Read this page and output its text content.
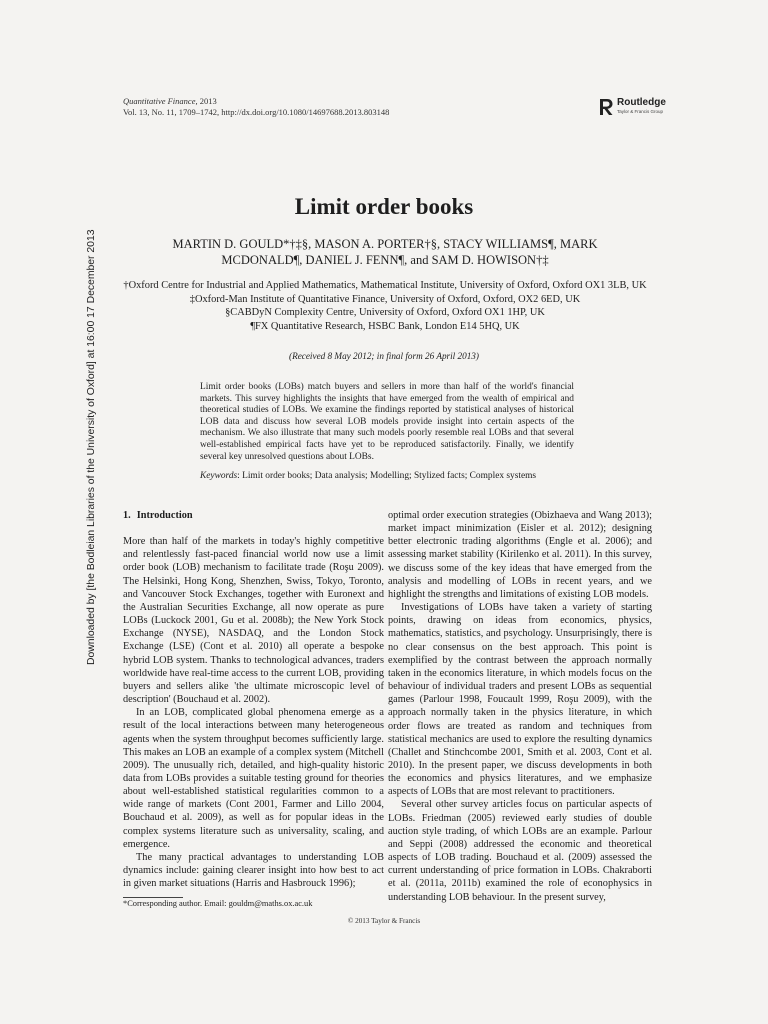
Quantitative Finance, 2013
Vol. 13, No. 11, 1709–1742, http://dx.doi.org/10.1080/14697688.2013.803148
Routledge
Taylor & Francis Group
Downloaded by [the Bodleian Libraries of the University of Oxford] at 16:00 17 December 2013
Limit order books
MARTIN D. GOULD*†‡§, MASON A. PORTER†§, STACY WILLIAMS¶, MARK
MCDONALD¶, DANIEL J. FENN¶, and SAM D. HOWISON†‡
†Oxford Centre for Industrial and Applied Mathematics, Mathematical Institute, University of Oxford, Oxford OX1 3LB, UK
‡Oxford-Man Institute of Quantitative Finance, University of Oxford, Oxford, OX2 6ED, UK
§CABDyN Complexity Centre, University of Oxford, Oxford OX1 1HP, UK
¶FX Quantitative Research, HSBC Bank, London E14 5HQ, UK
(Received 8 May 2012; in final form 26 April 2013)
Limit order books (LOBs) match buyers and sellers in more than half of the world's financial markets. This survey highlights the insights that have emerged from the wealth of empirical and theoretical studies of LOBs. We examine the findings reported by statistical analyses of historical LOB data and discuss how several LOB models provide insight into certain aspects of the mechanism. We also illustrate that many such models poorly resemble real LOBs and that several well-established empirical facts have yet to be reproduced satisfactorily. Finally, we identify several key unresolved questions about LOBs.
Keywords: Limit order books; Data analysis; Modelling; Stylized facts; Complex systems
1. Introduction

More than half of the markets in today's highly competitive and relentlessly fast-paced financial world now use a limit order book (LOB) mechanism to facilitate trade (Roşu 2009). The Helsinki, Hong Kong, Shenzhen, Swiss, Tokyo, Toronto, and Vancouver Stock Exchanges, together with Euronext and the Australian Securities Exchange, all now operate as pure LOBs (Luckock 2001, Gu et al. 2008b); the New York Stock Exchange (NYSE), NASDAQ, and the London Stock Exchange (LSE) (Cont et al. 2010) all operate a bespoke hybrid LOB system. Thanks to technological advances, traders worldwide have real-time access to the current LOB, providing buyers and sellers alike 'the ultimate microscopic level of description' (Bouchaud et al. 2002).

In an LOB, complicated global phenomena emerge as a result of the local interactions between many heterogeneous agents when the system throughput becomes sufficiently large. This makes an LOB an example of a complex system (Mitchell 2009). The unusually rich, detailed, and high-quality historic data from LOBs provides a suitable testing ground for theories about well-established statistical regularities common to a wide range of markets (Cont 2001, Farmer and Lillo 2004, Bouchaud et al. 2009), as well as for popular ideas in the complex systems literature such as universality, scaling, and emergence.

The many practical advantages to understanding LOB dynamics include: gaining clearer insight into how best to act in given market situations (Harris and Hasbrouck 1996);

optimal order execution strategies (Obizhaeva and Wang 2013); market impact minimization (Eisler et al. 2012); designing better electronic trading algorithms (Engle et al. 2006); and assessing market stability (Kirilenko et al. 2011). In this survey, we discuss some of the key ideas that have emerged from the analysis and modelling of LOBs in recent years, and we highlight the strengths and limitations of existing LOB models.

Investigations of LOBs have taken a variety of starting points, drawing on ideas from economics, physics, mathematics, statistics, and psychology. Unsurprisingly, there is no clear consensus on the best approach. This point is exemplified by the contrast between the approach normally taken in the economics literature, in which models focus on the behaviour of individual traders and present LOBs as sequential games (Parlour 1998, Foucault 1999, Roşu 2009), with the approach normally taken in the physics literature, in which order flows are treated as random and techniques from statistical mechanics are used to explore the resulting dynamics (Challet and Stinchcombe 2001, Smith et al. 2003, Cont et al. 2010). In the present paper, we discuss developments in both the economics and physics literatures, and we emphasize aspects of LOBs that are most relevant to practitioners.

Several other survey articles focus on particular aspects of LOBs. Friedman (2005) reviewed early studies of double auction style trading, of which LOBs are an example. Parlour and Seppi (2008) addressed the economic and theoretical aspects of LOB trading. Bouchaud et al. (2009) assessed the current understanding of price formation in LOBs. Chakraborti et al. (2011a, 2011b) examined the role of econophysics in understanding LOB behaviour. In the present survey,

*Corresponding author. Email: gouldm@maths.ox.ac.uk
© 2013 Taylor & Francis
